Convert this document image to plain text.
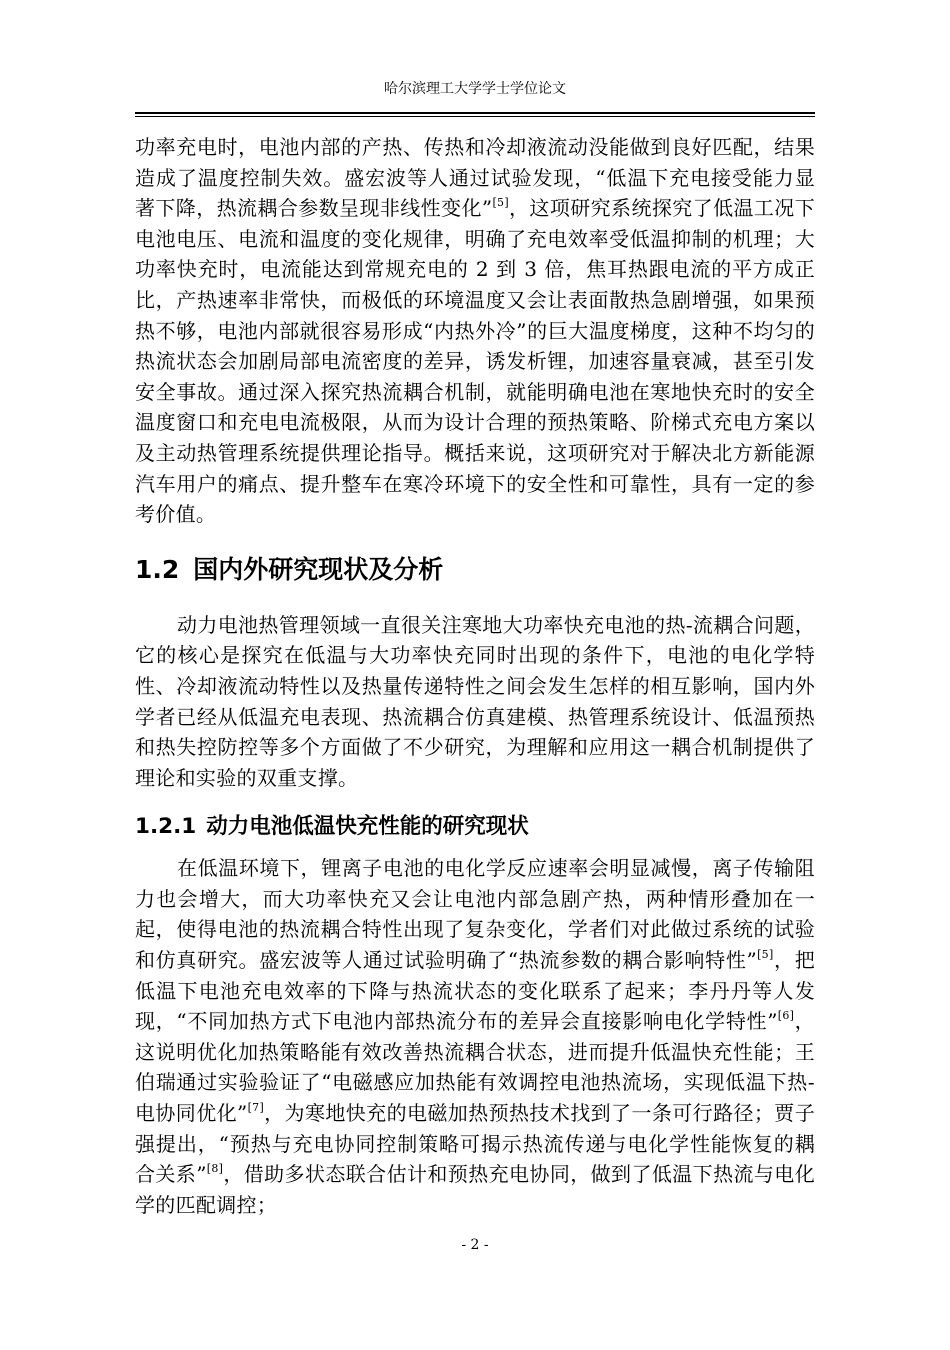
哈尔滨理工大学学士学位论文

功率充电时，电池内部的产热、传热和冷却液流动没能做到良好匹配，结果造成了温度控制失效。盛宏波等人通过试验发现，“低温下充电接受能力显著下降，热流耦合参数呈现非线性变化”[5]，这项研究系统探究了低温工况下电池电压、电流和温度的变化规律，明确了充电效率受低温抑制的机理；大功率快充时，电流能达到常规充电的 2 到 3 倍，焦耳热跟电流的平方成正比，产热速率非常快，而极低的环境温度又会让表面散热急剧增强，如果预热不够，电池内部就很容易形成“内热外冷”的巨大温度梯度，这种不均匀的热流状态会加剧局部电流密度的差异，诱发析锂，加速容量衰减，甚至引发安全事故。通过深入探究热流耦合机制，就能明确电池在寒地快充时的安全温度窗口和充电电流极限，从而为设计合理的预热策略、阶梯式充电方案以及主动热管理系统提供理论指导。概括来说，这项研究对于解决北方新能源汽车用户的痛点、提升整车在寒冷环境下的安全性和可靠性，具有一定的参考价值。

1.2 国内外研究现状及分析

动力电池热管理领域一直很关注寒地大功率快充电池的热-流耦合问题，它的核心是探究在低温与大功率快充同时出现的条件下，电池的电化学特性、冷却液流动特性以及热量传递特性之间会发生怎样的相互影响，国内外学者已经从低温充电表现、热流耦合仿真建模、热管理系统设计、低温预热和热失控防控等多个方面做了不少研究，为理解和应用这一耦合机制提供了理论和实验的双重支撑。

1.2.1 动力电池低温快充性能的研究现状

在低温环境下，锂离子电池的电化学反应速率会明显减慢，离子传输阻力也会增大，而大功率快充又会让电池内部急剧产热，两种情形叠加在一起，使得电池的热流耦合特性出现了复杂变化，学者们对此做过系统的试验和仿真研究。盛宏波等人通过试验明确了“热流参数的耦合影响特性”[5]，把低温下电池充电效率的下降与热流状态的变化联系了起来；李丹丹等人发现，“不同加热方式下电池内部热流分布的差异会直接影响电化学特性”[6]，这说明优化加热策略能有效改善热流耦合状态，进而提升低温快充性能；王伯瑞通过实验验证了“电磁感应加热能有效调控电池热流场，实现低温下热-电协同优化”[7]，为寒地快充的电磁加热预热技术找到了一条可行路径；贾子强提出，“预热与充电协同控制策略可揭示热流传递与电化学性能恢复的耦合关系”[8]，借助多状态联合估计和预热充电协同，做到了低温下热流与电化学的匹配调控；

- 2 -
